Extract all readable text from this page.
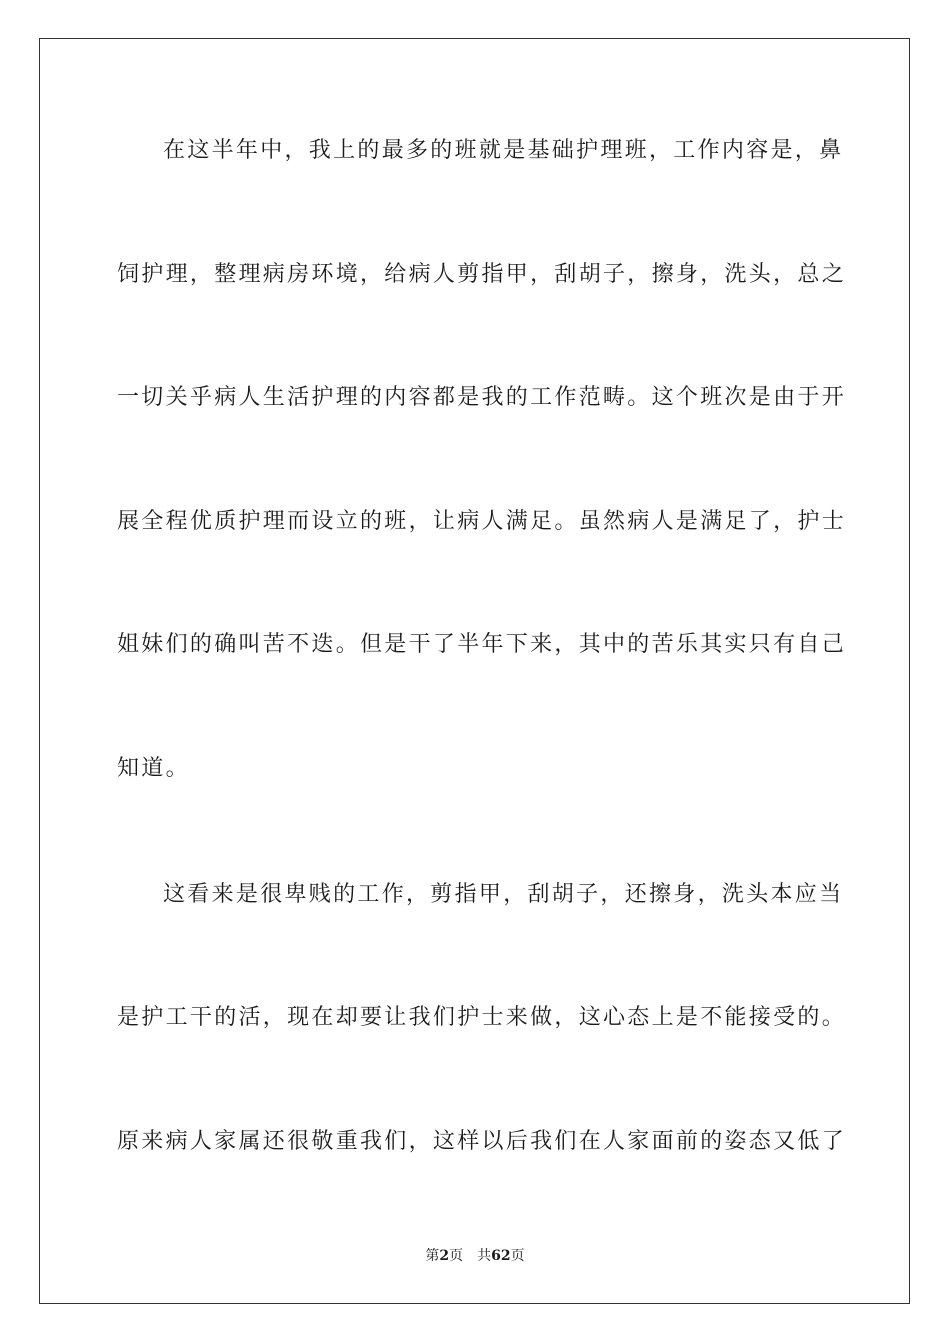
在这半年中，我上的最多的班就是基础护理班，工作内容是，鼻
饲护理，整理病房环境，给病人剪指甲，刮胡子，擦身，洗头，总之
一切关乎病人生活护理的内容都是我的工作范畴。这个班次是由于开
展全程优质护理而设立的班，让病人满足。虽然病人是满足了，护士
姐妹们的确叫苦不迭。但是干了半年下来，其中的苦乐其实只有自己
知道。
这看来是很卑贱的工作，剪指甲，刮胡子，还擦身，洗头本应当
是护工干的活，现在却要让我们护士来做，这心态上是不能接受的。
原来病人家属还很敬重我们，这样以后我们在人家面前的姿态又低了
第2页 共62页
